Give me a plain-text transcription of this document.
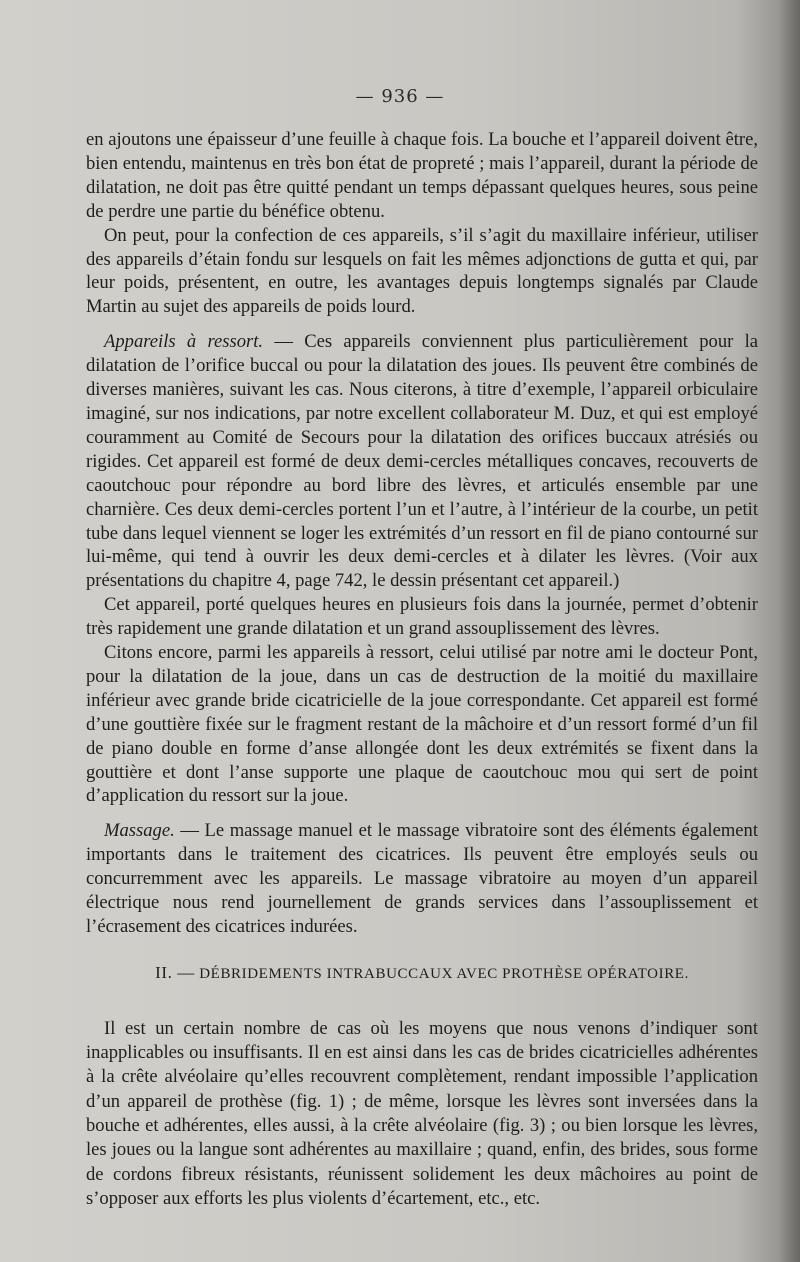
— 936 —

en ajoutons une épaisseur d’une feuille à chaque fois. La bouche et l’appareil doivent être, bien entendu, maintenus en très bon état de propreté ; mais l’appareil, durant la période de dilatation, ne doit pas être quitté pendant un temps dépassant quelques heures, sous peine de perdre une partie du bénéfice obtenu.

On peut, pour la confection de ces appareils, s’il s’agit du maxillaire inférieur, utiliser des appareils d’étain fondu sur lesquels on fait les mêmes adjonctions de gutta et qui, par leur poids, présentent, en outre, les avantages depuis longtemps signalés par Claude Martin au sujet des appareils de poids lourd.

Appareils à ressort. — Ces appareils conviennent plus particulièrement pour la dilatation de l’orifice buccal ou pour la dilatation des joues. Ils peuvent être combinés de diverses manières, suivant les cas. Nous citerons, à titre d’exemple, l’appareil orbiculaire imaginé, sur nos indications, par notre excellent collaborateur M. Duz, et qui est employé couramment au Comité de Secours pour la dilatation des orifices buccaux atrésiés ou rigides. Cet appareil est formé de deux demi-cercles métalliques concaves, recouverts de caoutchouc pour répondre au bord libre des lèvres, et articulés ensemble par une charnière. Ces deux demi-cercles portent l’un et l’autre, à l’intérieur de la courbe, un petit tube dans lequel viennent se loger les extrémités d’un ressort en fil de piano contourné sur lui-même, qui tend à ouvrir les deux demi-cercles et à dilater les lèvres. (Voir aux présentations du chapitre 4, page 742, le dessin présentant cet appareil.)

Cet appareil, porté quelques heures en plusieurs fois dans la journée, permet d’obtenir très rapidement une grande dilatation et un grand assouplissement des lèvres.

Citons encore, parmi les appareils à ressort, celui utilisé par notre ami le docteur Pont, pour la dilatation de la joue, dans un cas de destruction de la moitié du maxillaire inférieur avec grande bride cicatricielle de la joue correspondante. Cet appareil est formé d’une gouttière fixée sur le fragment restant de la mâchoire et d’un ressort formé d’un fil de piano double en forme d’anse allongée dont les deux extrémités se fixent dans la gouttière et dont l’anse supporte une plaque de caoutchouc mou qui sert de point d’application du ressort sur la joue.

Massage. — Le massage manuel et le massage vibratoire sont des éléments également importants dans le traitement des cicatrices. Ils peuvent être employés seuls ou concurremment avec les appareils. Le massage vibratoire au moyen d’un appareil électrique nous rend journellement de grands services dans l’assouplissement et l’écrasement des cicatrices indurées.

II. — DÉBRIDEMENTS INTRABUCCAUX AVEC PROTHÈSE OPÉRATOIRE.

Il est un certain nombre de cas où les moyens que nous venons d’indiquer sont inapplicables ou insuffisants. Il en est ainsi dans les cas de brides cicatricielles adhérentes à la crête alvéolaire qu’elles recouvrent complètement, rendant impossible l’application d’un appareil de prothèse (fig. 1) ; de même, lorsque les lèvres sont inversées dans la bouche et adhérentes, elles aussi, à la crête alvéolaire (fig. 3) ; ou bien lorsque les lèvres, les joues ou la langue sont adhérentes au maxillaire ; quand, enfin, des brides, sous forme de cordons fibreux résistants, réunissent solidement les deux mâchoires au point de s’opposer aux efforts les plus violents d’écartement, etc., etc.
